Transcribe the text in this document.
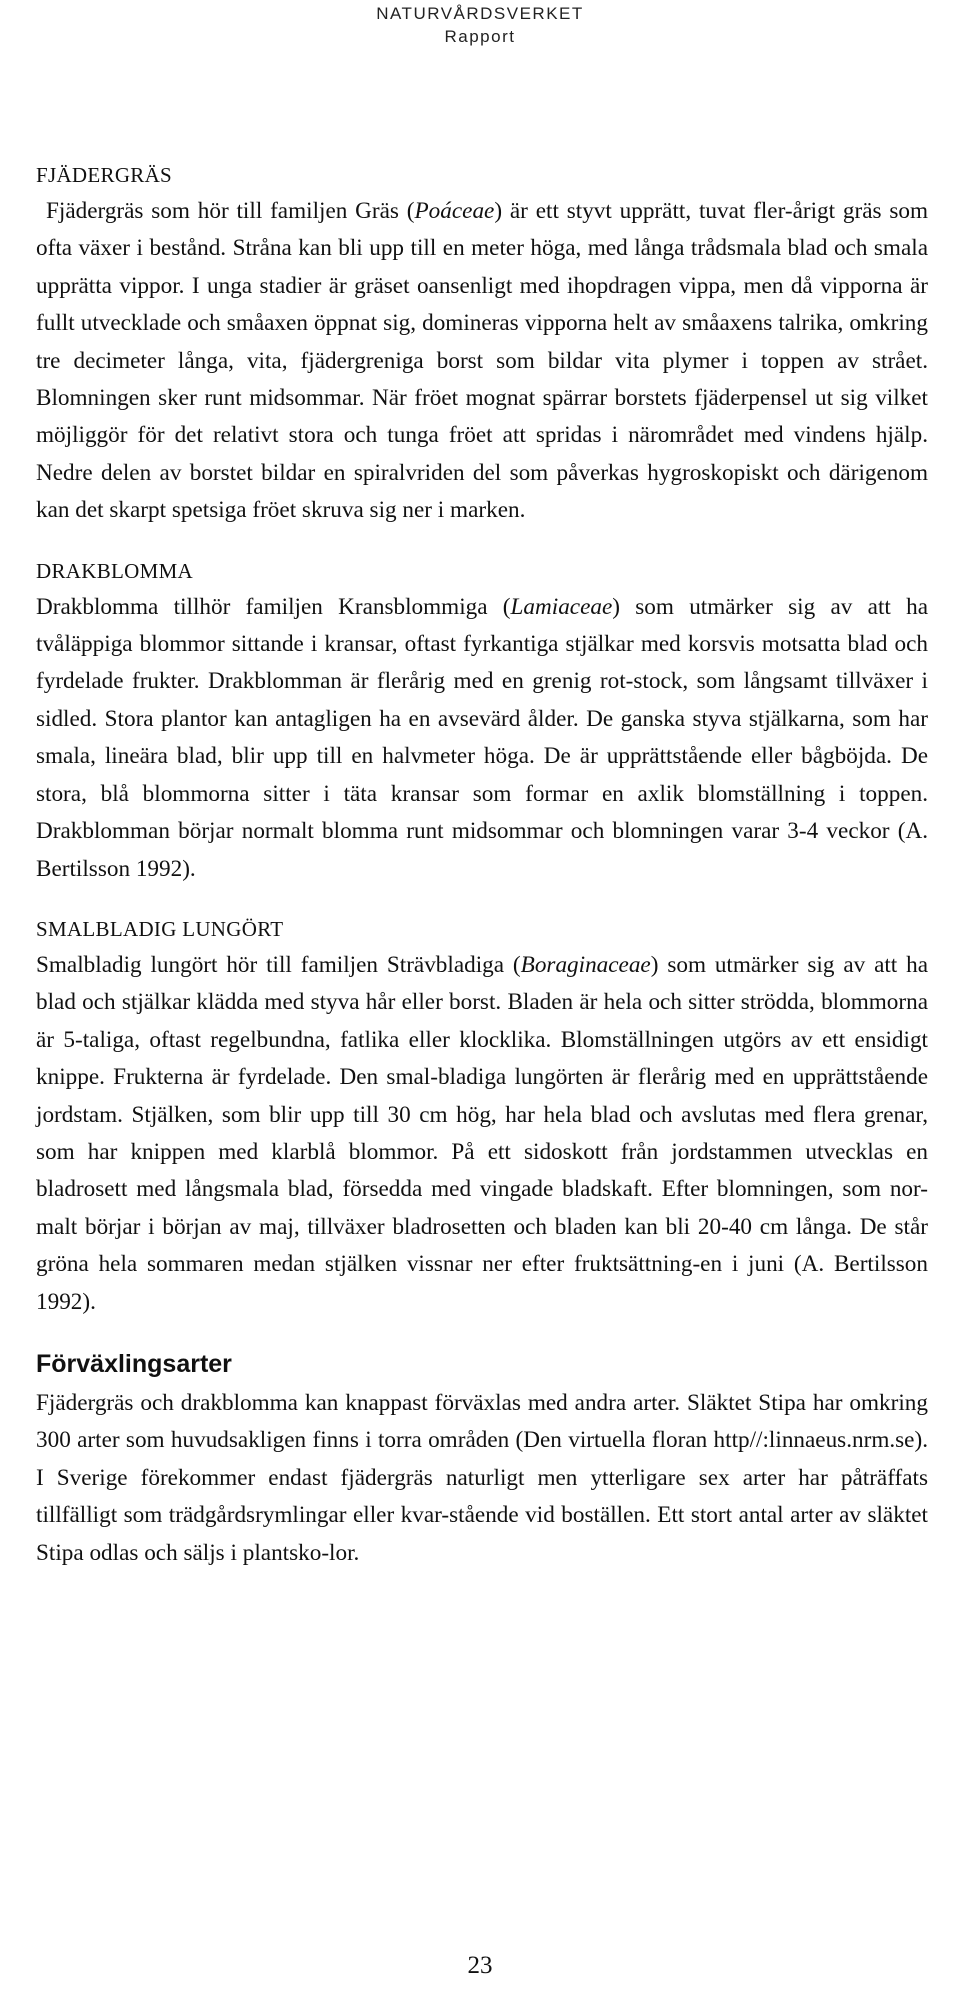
NATURVÅRDSVERKET
Rapport
FJÄDERGRÄS

Fjädergräs som hör till familjen Gräs (Poáceae) är ett styvt upprätt, tuvat fler-årigt gräs som ofta växer i bestånd. Stråna kan bli upp till en meter höga, med långa trådsmala blad och smala upprätta vippor. I unga stadier är gräset oansenligt med ihopdragen vippa, men då vipporna är fullt utvecklade och småaxen öppnat sig, domineras vipporna helt av småaxens talrika, omkring tre decimeter långa, vita, fjädergreniga borst som bildar vita plymer i toppen av strået. Blomningen sker runt midsommar. När fröet mognat spärrar borstets fjäderpensel ut sig vilket möjliggör för det relativt stora och tunga fröet att spridas i närområdet med vindens hjälp. Nedre delen av borstet bildar en spiralvriden del som påverkas hygroskopiskt och därigenom kan det skarpt spetsiga fröet skruva sig ner i marken.

DRAKBLOMMA

Drakblomma tillhör familjen Kransblommiga (Lamiaceae) som utmärker sig av att ha tvåläppiga blommor sittande i kransar, oftast fyrkantiga stjälkar med korsvis motsatta blad och fyrdelade frukter. Drakblomman är flerårig med en grenig rot-stock, som långsamt tillväxer i sidled. Stora plantor kan antagligen ha en avsevärd ålder. De ganska styva stjälkarna, som har smala, lineära blad, blir upp till en halvmeter höga. De är upprättstående eller bågböjda. De stora, blå blommorna sitter i täta kransar som formar en axlik blomställning i toppen. Drakblomman börjar normalt blomma runt midsommar och blomningen varar 3-4 veckor (A. Bertilsson 1992).

SMALBLADIG LUNGÖRT

Smalbladig lungört hör till familjen Strävbladiga (Boraginaceae) som utmärker sig av att ha blad och stjälkar klädda med styva hår eller borst. Bladen är hela och sitter strödda, blommorna är 5-taliga, oftast regelbundna, fatlika eller klocklika. Blomställningen utgörs av ett ensidigt knippe. Frukterna är fyrdelade. Den smal-bladiga lungörten är flerårig med en upprättstående jordstam. Stjälken, som blir upp till 30 cm hög, har hela blad och avslutas med flera grenar, som har knippen med klarblå blommor. På ett sidoskott från jordstammen utvecklas en bladrosett med långsmala blad, försedda med vingade bladskaft. Efter blomningen, som nor-malt börjar i början av maj, tillväxer bladrosetten och bladen kan bli 20-40 cm långa. De står gröna hela sommaren medan stjälken vissnar ner efter fruktsättning-en i juni (A. Bertilsson 1992).

Förväxlingsarter

Fjädergräs och drakblomma kan knappast förväxlas med andra arter. Släktet Stipa har omkring 300 arter som huvudsakligen finns i torra områden (Den virtuella floran http//:linnaeus.nrm.se). I Sverige förekommer endast fjädergräs naturligt men ytterligare sex arter har påträffats tillfälligt som trädgårdsrymlingar eller kvar-stående vid boställen. Ett stort antal arter av släktet Stipa odlas och säljs i plantsko-lor.

23
